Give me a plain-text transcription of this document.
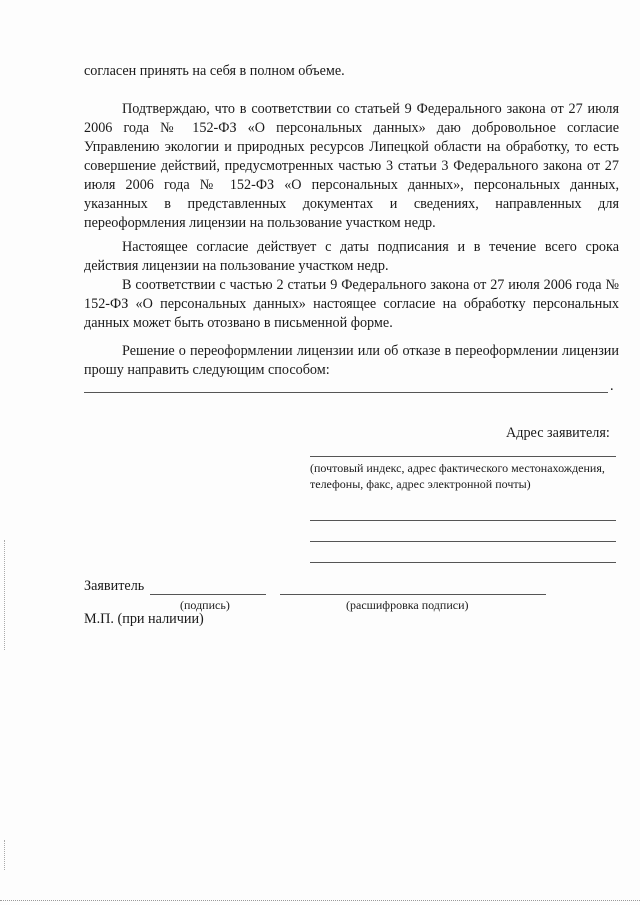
согласен принять на себя в полном объеме.

Подтверждаю, что в соответствии со статьей 9 Федерального закона от 27 июля 2006 года № 152-ФЗ «О персональных данных» даю добровольное согласие Управлению экологии и природных ресурсов Липецкой области на обработку, то есть совершение действий, предусмотренных частью 3 статьи 3 Федерального закона от 27 июля 2006 года № 152-ФЗ «О персональных данных», персональных данных, указанных в представленных документах и сведениях, направленных для переоформления лицензии на пользование участком недр.

Настоящее согласие действует с даты подписания и в течение всего срока действия лицензии на пользование участком недр.

В соответствии с частью 2 статьи 9 Федерального закона от 27 июля 2006 года № 152-ФЗ «О персональных данных» настоящее согласие на обработку персональных данных может быть отозвано в письменной форме.

Решение о переоформлении лицензии или об отказе в переоформлении лицензии прошу направить следующим способом:

.
Адрес заявителя:
(почтовый индекс, адрес фактического местонахождения, телефоны, факс, адрес электронной почты)
Заявитель
(подпись)	(расшифровка подписи)
М.П. (при наличии)
